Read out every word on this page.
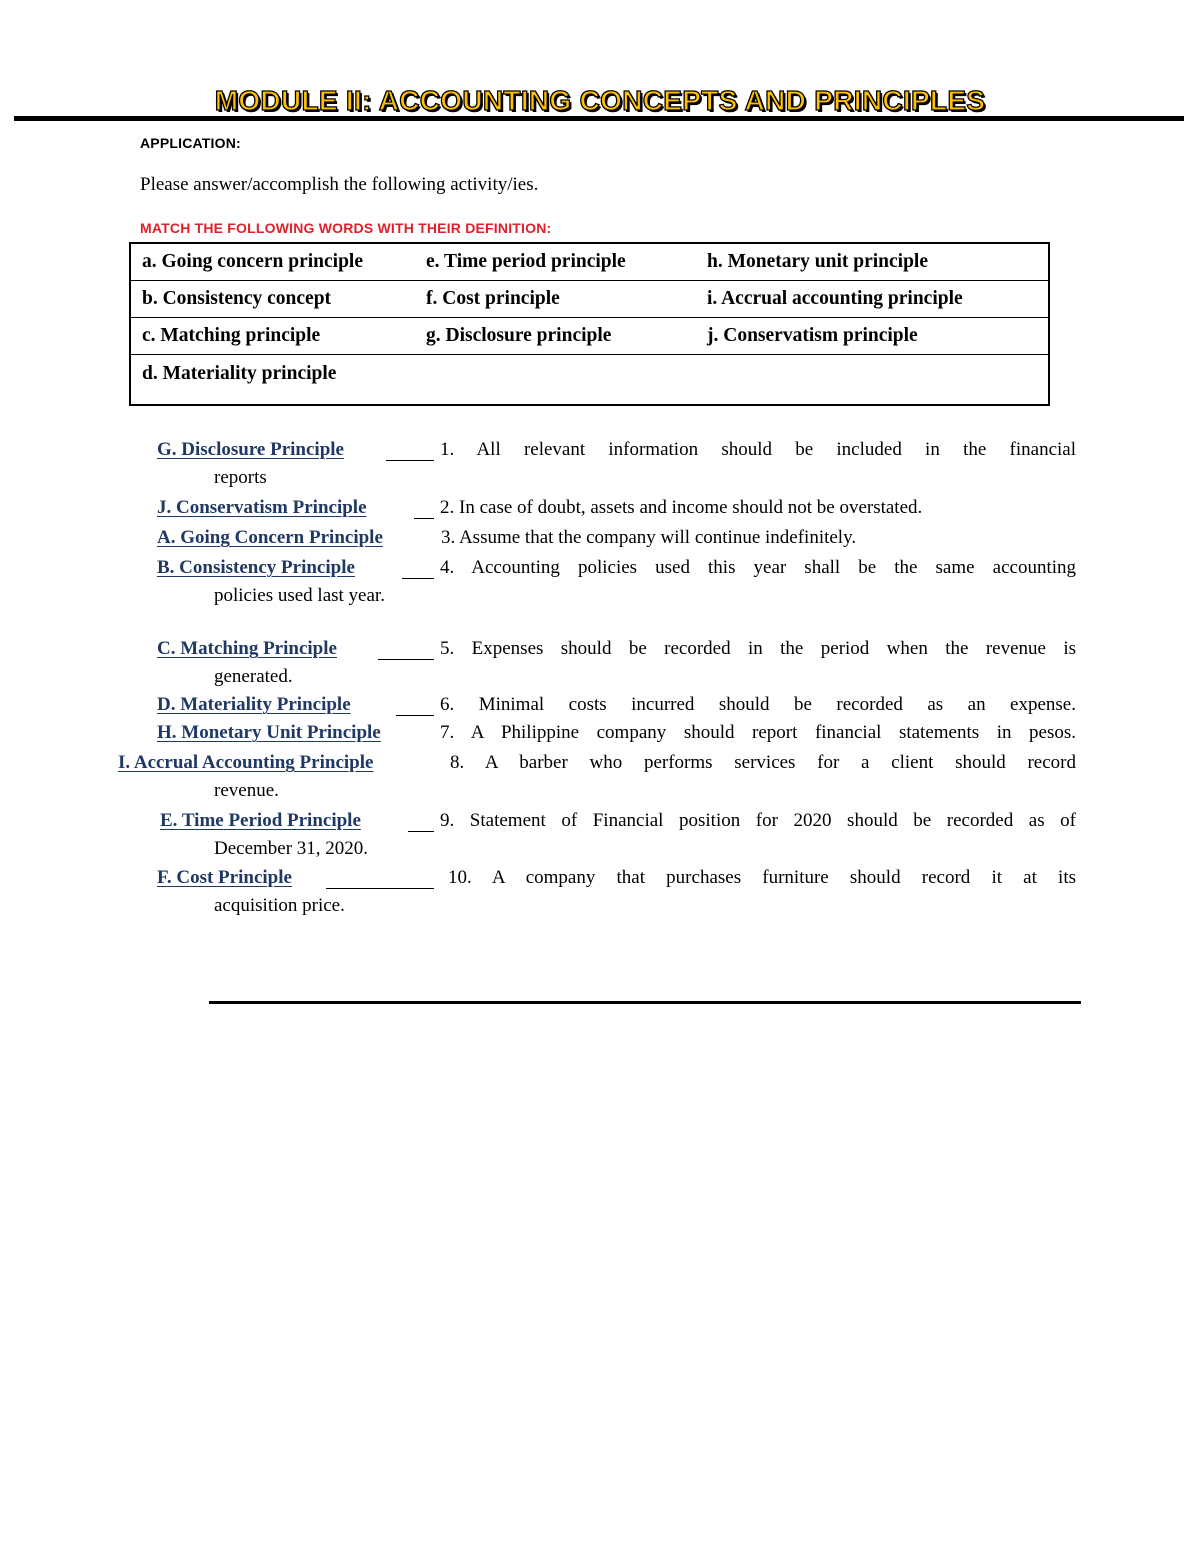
MODULE II: ACCOUNTING CONCEPTS AND PRINCIPLES
APPLICATION:
Please answer/accomplish the following activity/ies.
MATCH THE FOLLOWING WORDS WITH THEIR DEFINITION:
a. Going concern principle	e. Time period principle	h. Monetary unit principle
b. Consistency concept	f. Cost principle	i. Accrual accounting principle
c. Matching principle	g. Disclosure principle	j. Conservatism principle
d. Materiality principle
G. Disclosure Principle	1. All relevant information should be included in the financial
reports
J. Conservatism Principle	2. In case of doubt, assets and income should not be overstated.
A. Going Concern Principle	3. Assume that the company will continue indefinitely.
B. Consistency Principle	4. Accounting policies used this year shall be the same accounting
policies used last year.
C. Matching Principle	5. Expenses should be recorded in the period when the revenue is
generated.
D. Materiality Principle	6. Minimal costs incurred should be recorded as an expense.
H. Monetary Unit Principle	7. A Philippine company should report financial statements in pesos.
I. Accrual Accounting Principle	8. A barber who performs services for a client should record
revenue.
E. Time Period Principle	9. Statement of Financial position for 2020 should be recorded as of
December 31, 2020.
F. Cost Principle	10. A company that purchases furniture should record it at its
acquisition price.
